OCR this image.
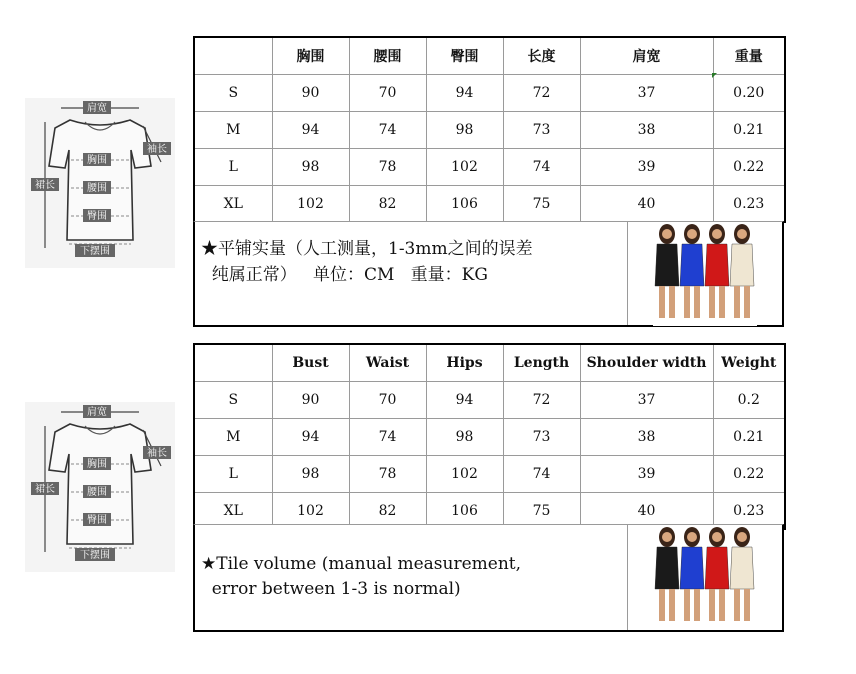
肩宽
胸围
袖长
裙长	腰围
臀围
下摆围
	胸围	腰围	臀围	长度	肩宽	重量
S	90	70	94	72	37	0.20
M	94	74	98	73	38	0.21
L	98	78	102	74	39	0.22
XL	102	82	106	75	40	0.23
★平铺实量（人工测量，1-3mm之间的误差
纯属正常）   单位：CM   重量：KG
肩宽
胸围
袖长
裙长	腰围
臀围
下摆围
	Bust	Waist	Hips	Length	Shoulder width	Weight
S	90	70	94	72	37	0.2
M	94	74	98	73	38	0.21
L	98	78	102	74	39	0.22
XL	102	82	106	75	40	0.23
★Tile volume (manual measurement,
error between 1-3 is normal)
